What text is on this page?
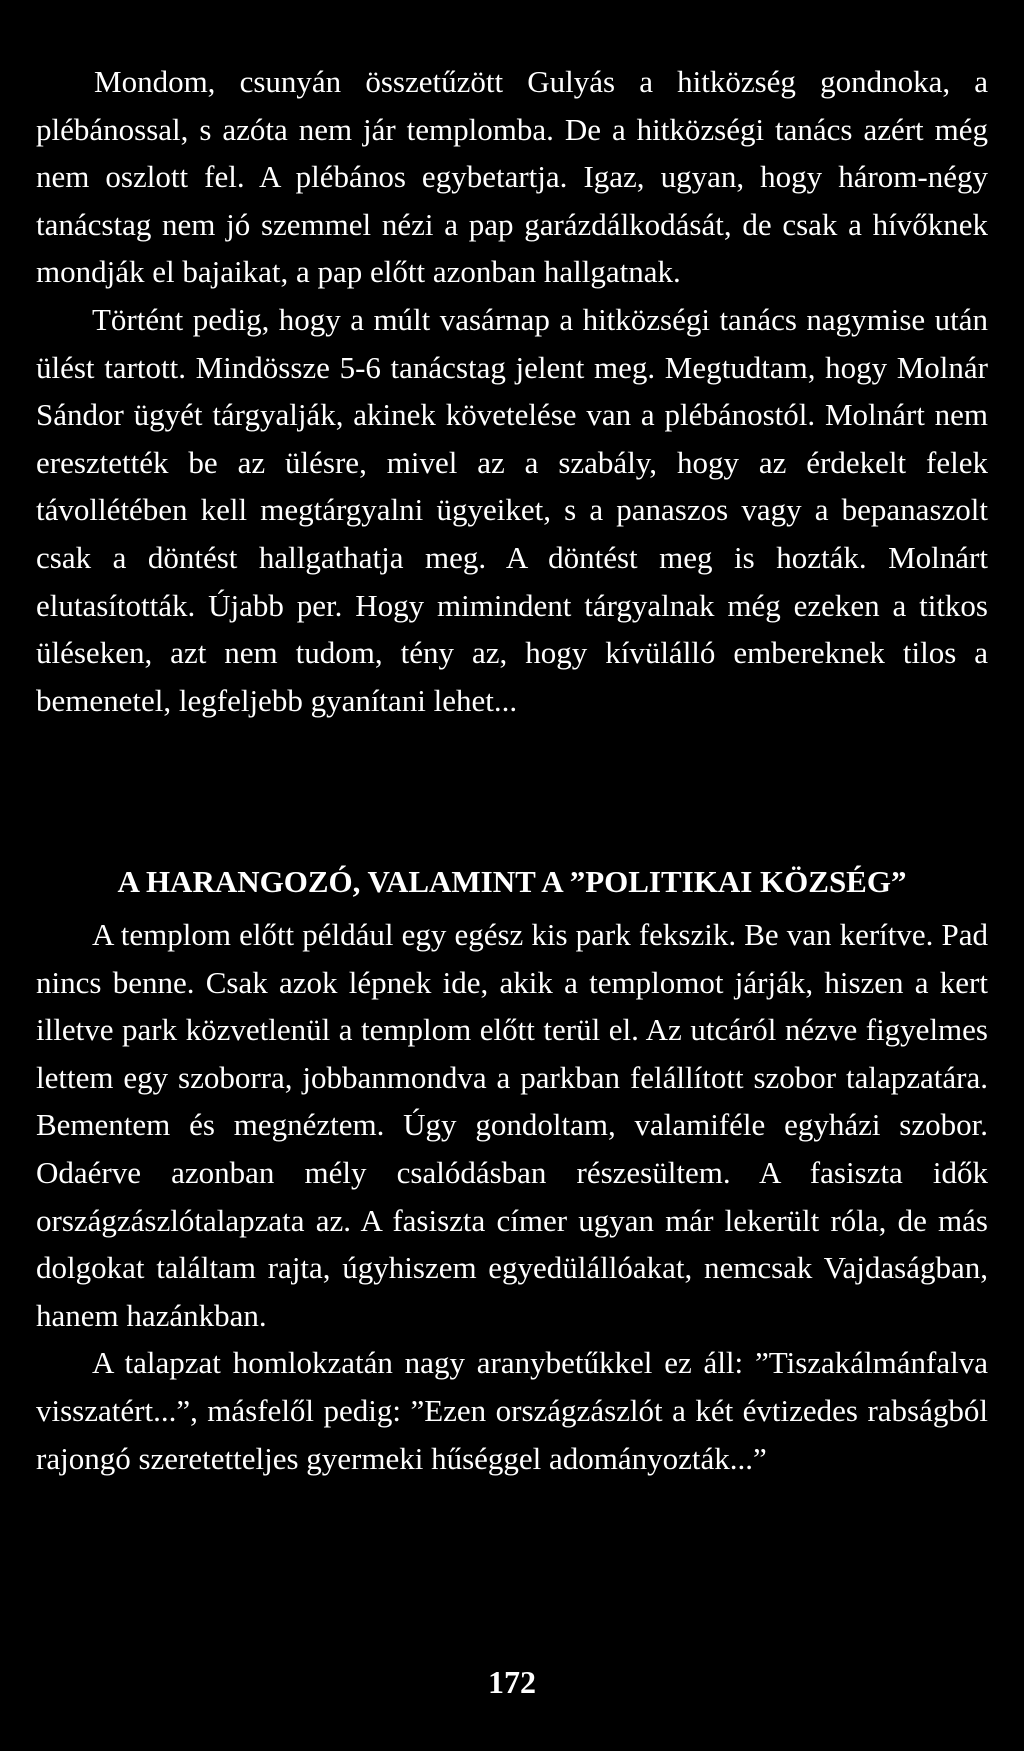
Mondom, csunyán összetűzött Gulyás a hitközség gondnoka, a plébánossal, s azóta nem jár templomba. De a hitközségi tanács azért még nem oszlott fel. A plébános egybetartja. Igaz, ugyan, hogy három-négy tanácstag nem jó szemmel nézi a pap garázdálkodását, de csak a hívőknek mondják el bajaikat, a pap előtt azonban hallgatnak.

Történt pedig, hogy a múlt vasárnap a hitközségi tanács nagymise után ülést tartott. Mindössze 5-6 tanácstag jelent meg. Megtudtam, hogy Molnár Sándor ügyét tárgyalják, akinek követelése van a plébánostól. Molnárt nem eresztették be az ülésre, mivel az a szabály, hogy az érdekelt felek távollétében kell megtárgyalni ügyeiket, s a panaszos vagy a bepanaszolt csak a döntést hallgathatja meg. A döntést meg is hozták. Molnárt elutasították. Újabb per. Hogy mimindent tárgyalnak még ezeken a titkos üléseken, azt nem tudom, tény az, hogy kívülálló embereknek tilos a bemenetel, legfeljebb gyanítani lehet...

A HARANGOZÓ, VALAMINT A ”POLITIKAI KÖZSÉG”

A templom előtt például egy egész kis park fekszik. Be van kerítve. Pad nincs benne. Csak azok lépnek ide, akik a templomot járják, hiszen a kert illetve park közvetlenül a templom előtt terül el. Az utcáról nézve figyelmes lettem egy szoborra, jobbanmondva a parkban felállított szobor talapzatára. Bementem és megnéztem. Úgy gondoltam, valamiféle egyházi szobor. Odaérve azonban mély csalódásban részesültem. A fasiszta idők országzászlótalapzata az. A fasiszta címer ugyan már lekerült róla, de más dolgokat találtam rajta, úgyhiszem egyedülállóakat, nemcsak Vajdaságban, hanem hazánkban.

A talapzat homlokzatán nagy aranybetűkkel ez áll: ”Tiszakálmánfalva visszatért...”, másfelől pedig: ”Ezen országzászlót a két évtizedes rabságból rajongó szeretetteljes gyermeki hűséggel adományozták...”

172
